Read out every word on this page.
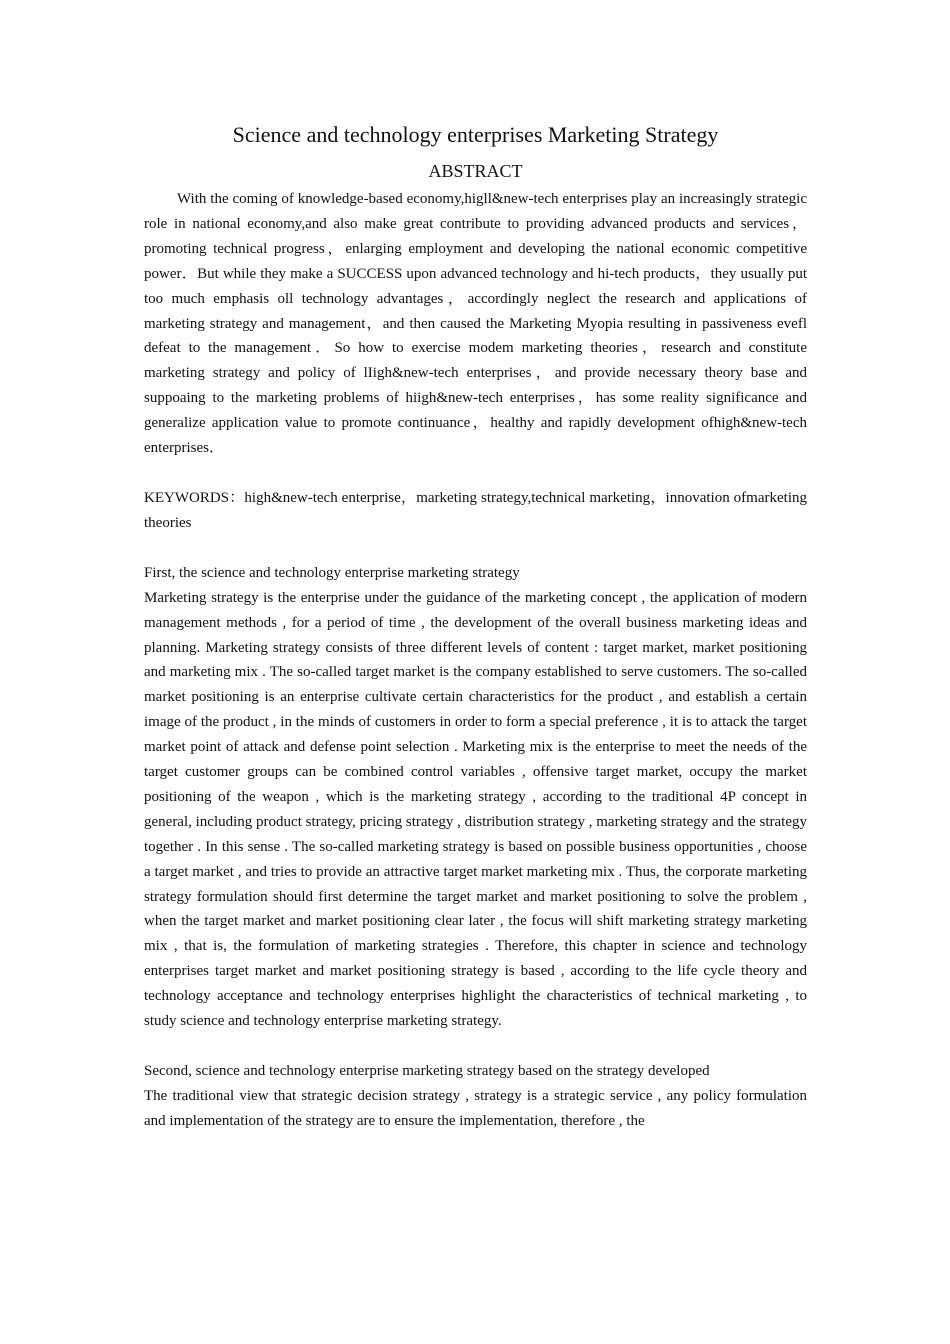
Science and technology enterprises Marketing Strategy
ABSTRACT

With the coming of knowledge-based economy,higll&new-tech enterprises play an increasingly strategic role in national economy,and also make great contribute to providing advanced products and services，promoting technical progress，enlarging employment and developing the national economic competitive power．But while they make a SUCCESS upon advanced technology and hi-tech products，they usually put too much emphasis oll technology advantages，accordingly neglect the research and applications of marketing strategy and management，and then caused the Marketing Myopia resulting in passiveness evefl defeat to the management．So how to exercise modem marketing theories，research and constitute marketing strategy and policy of lIigh&new-tech enterprises，and provide necessary theory base and suppoaing to the marketing problems of hiigh&new-tech enterprises，has some reality significance and generalize application value to promote continuance，healthy and rapidly development ofhigh&new-tech enterprises．

KEYWORDS：high&new-tech enterprise，marketing strategy,technical marketing，innovation ofmarketing theories

First, the science and technology enterprise marketing strategy

Marketing strategy is the enterprise under the guidance of the marketing concept , the application of modern management methods , for a period of time , the development of the overall business marketing ideas and planning. Marketing strategy consists of three different levels of content : target market, market positioning and marketing mix . The so-called target market is the company established to serve customers. The so-called market positioning is an enterprise cultivate certain characteristics for the product , and establish a certain image of the product , in the minds of customers in order to form a special preference , it is to attack the target market point of attack and defense point selection . Marketing mix is the enterprise to meet the needs of the target customer groups can be combined control variables , offensive target market, occupy the market positioning of the weapon , which is the marketing strategy , according to the traditional 4P concept in general, including product strategy, pricing strategy , distribution strategy , marketing strategy and the strategy together . In this sense . The so-called marketing strategy is based on possible business opportunities , choose a target market , and tries to provide an attractive target market marketing mix . Thus, the corporate marketing strategy formulation should first determine the target market and market positioning to solve the problem , when the target market and market positioning clear later , the focus will shift marketing strategy marketing mix , that is, the formulation of marketing strategies . Therefore, this chapter in science and technology enterprises target market and market positioning strategy is based , according to the life cycle theory and technology acceptance and technology enterprises highlight the characteristics of technical marketing , to study science and technology enterprise marketing strategy.

Second, science and technology enterprise marketing strategy based on the strategy developed

The traditional view that strategic decision strategy , strategy is a strategic service , any policy formulation and implementation of the strategy are to ensure the implementation, therefore , the
